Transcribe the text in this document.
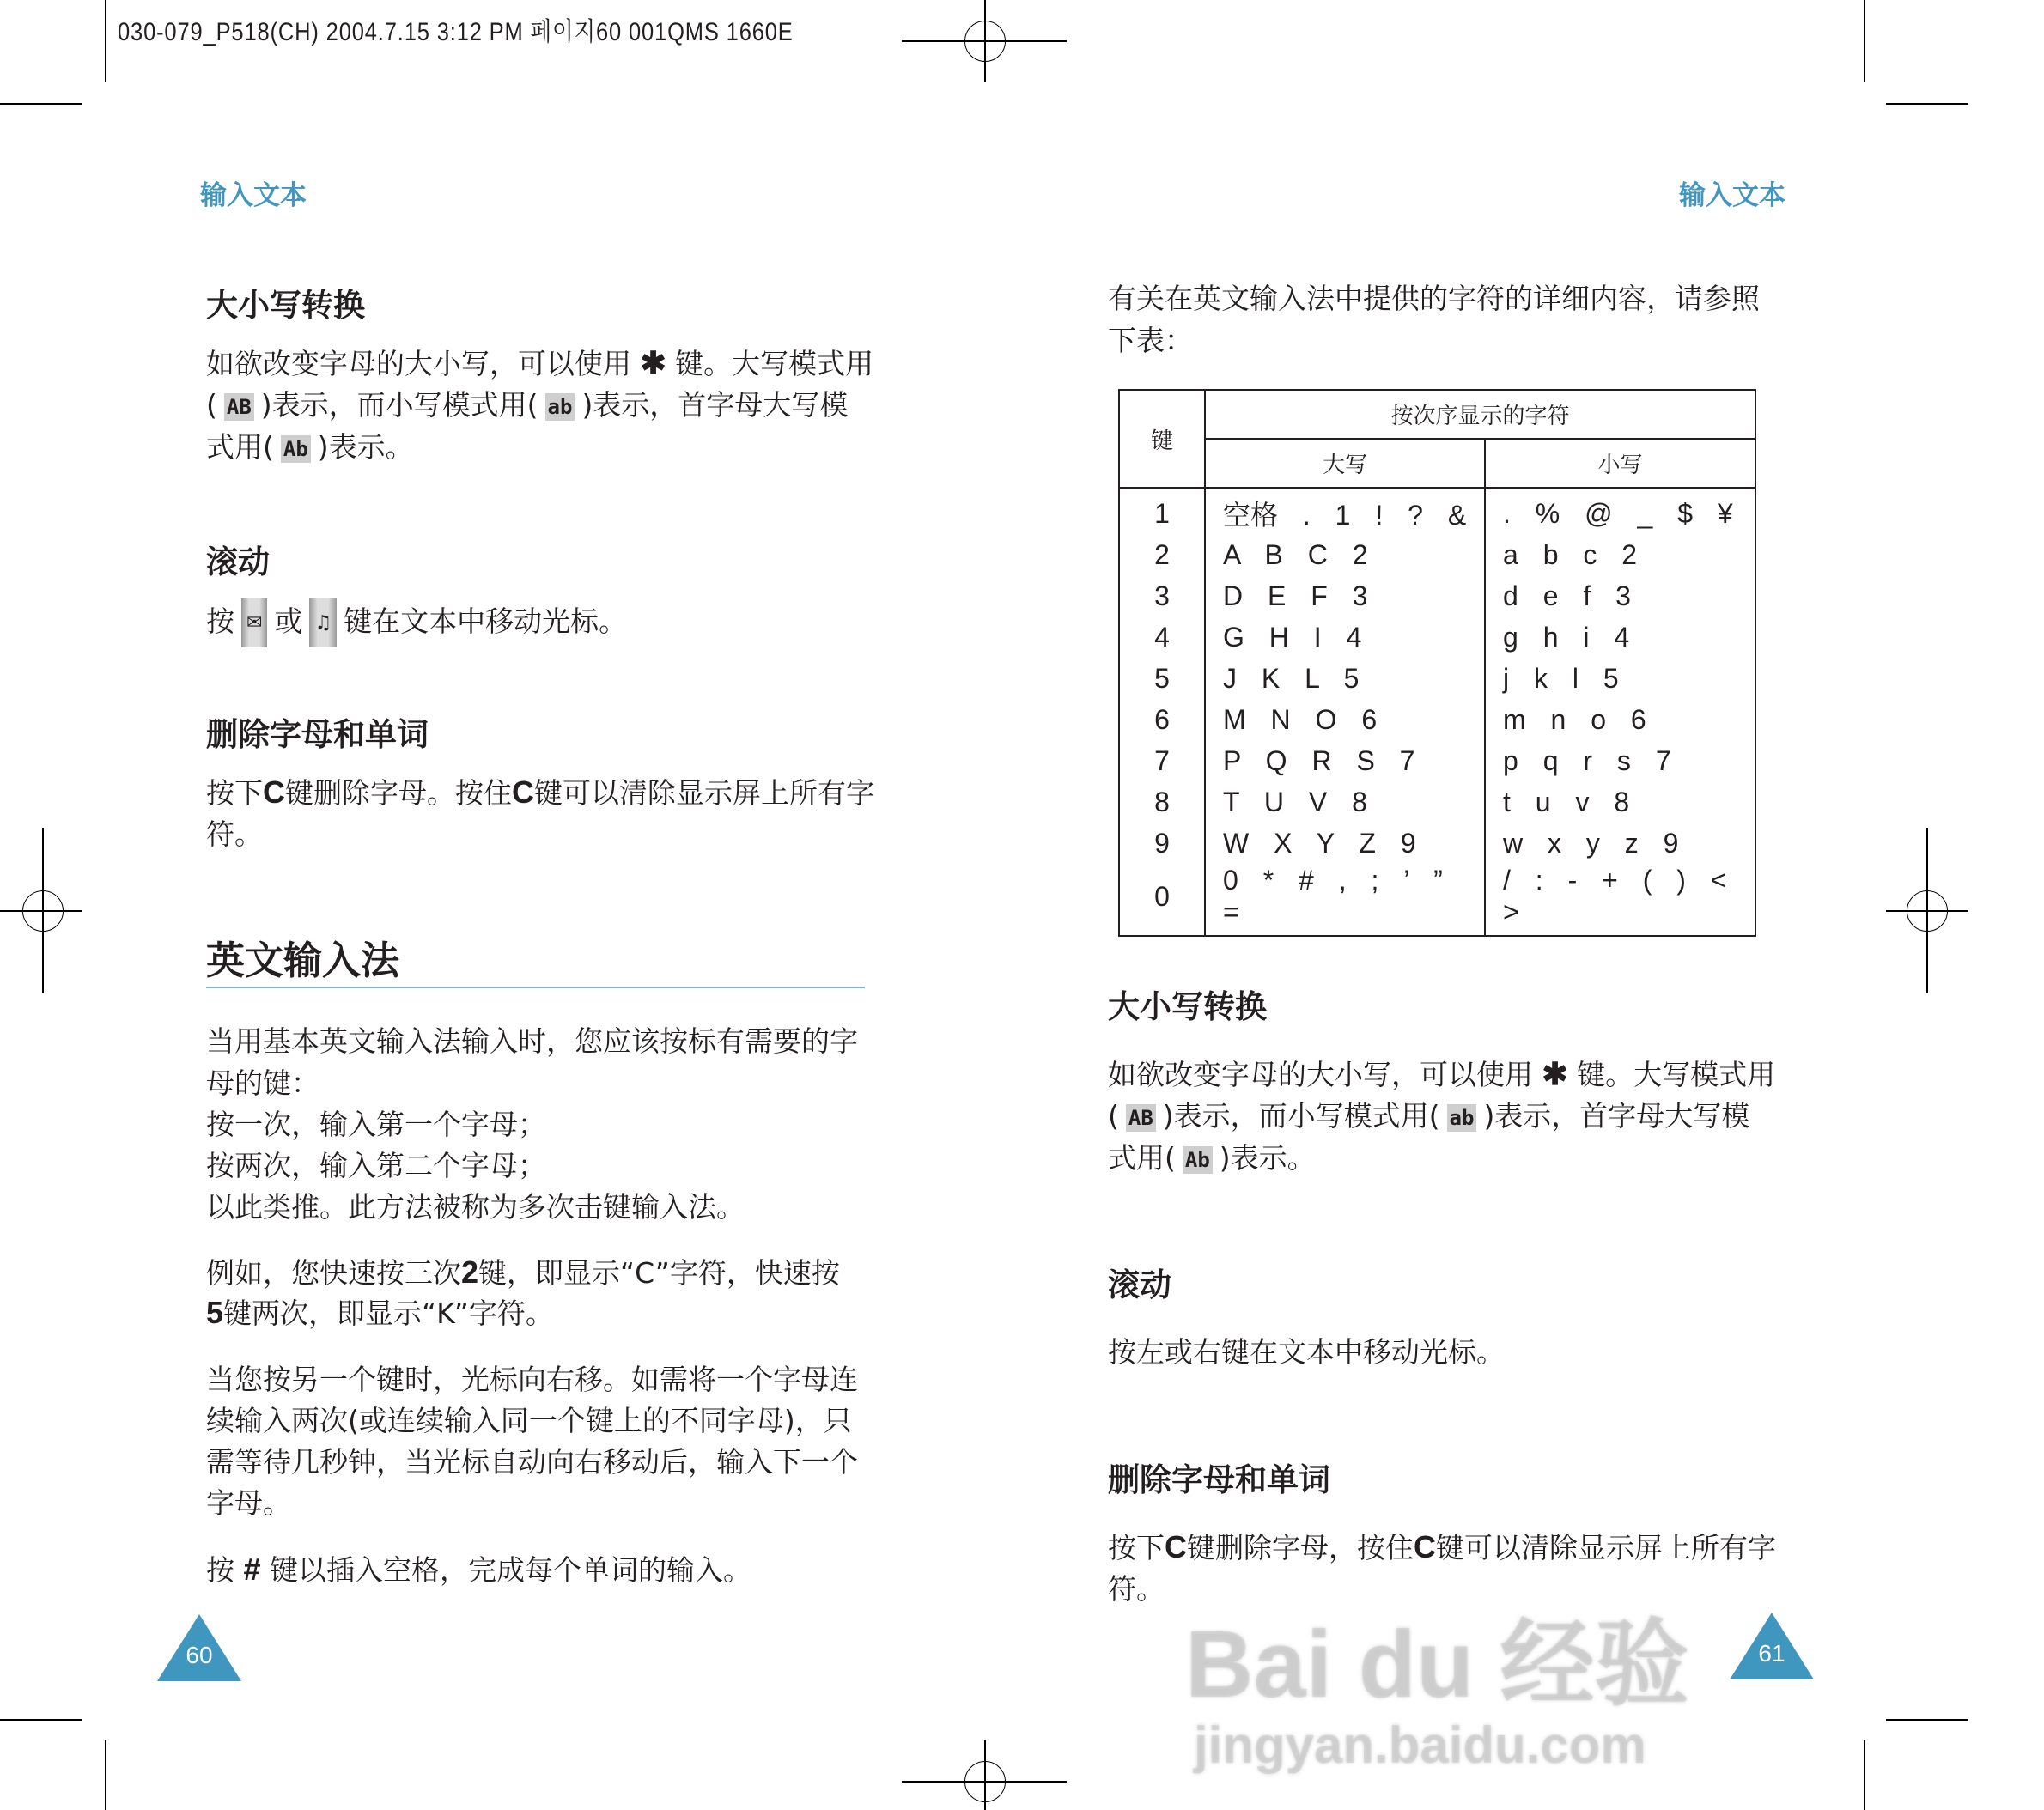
030-079_P518(CH) 2004.7.15 3:12 PM 페이지60 001QMS 1660E
输入文本
大小写转换
如欲改变字母的大小写，可以使用 ✱ 键。大写模式用
( AB )表示，而小写模式用( ab )表示，首字母大写模
式用( Ab )表示。
滚动
按 ✉ 或 ♫ 键在文本中移动光标。
删除字母和单词
按下C键删除字母。按住C键可以清除显示屏上所有字
符。
英文输入法
当用基本英文输入法输入时，您应该按标有需要的字
母的键：
按一次，输入第一个字母；
按两次，输入第二个字母；
以此类推。此方法被称为多次击键输入法。
例如，您快速按三次2键，即显示“C”字符，快速按
5键两次，即显示“K”字符。
当您按另一个键时，光标向右移。如需将一个字母连
续输入两次(或连续输入同一个键上的不同字母)，只
需等待几秒钟，当光标自动向右移动后，输入下一个
字母。
按 # 键以插入空格，完成每个单词的输入。
60
输入文本
有关在英文输入法中提供的字符的详细内容，请参照
下表：
键	按次序显示的字符	
	大写	小写
1	空格 . 1 ! ? &	. % @ _ $ ¥
2	A B C 2	a b c 2
3	D E F 3	d e f 3
4	G H I 4	g h i 4
5	J K L 5	j k l 5
6	M N O 6	m n o 6
7	P Q R S 7	p q r s 7
8	T U V 8	t u v 8
9	W X Y Z 9	w x y z 9
0	0 * # , ; ’ ” =	/ : - + ( ) < >
大小写转换
如欲改变字母的大小写，可以使用 ✱ 键。大写模式用
( AB )表示，而小写模式用( ab )表示，首字母大写模
式用( Ab )表示。
滚动
按左或右键在文本中移动光标。
删除字母和单词
按下C键删除字母，按住C键可以清除显示屏上所有字
符。
61
Bai du 经验
jingyan.baidu.com
